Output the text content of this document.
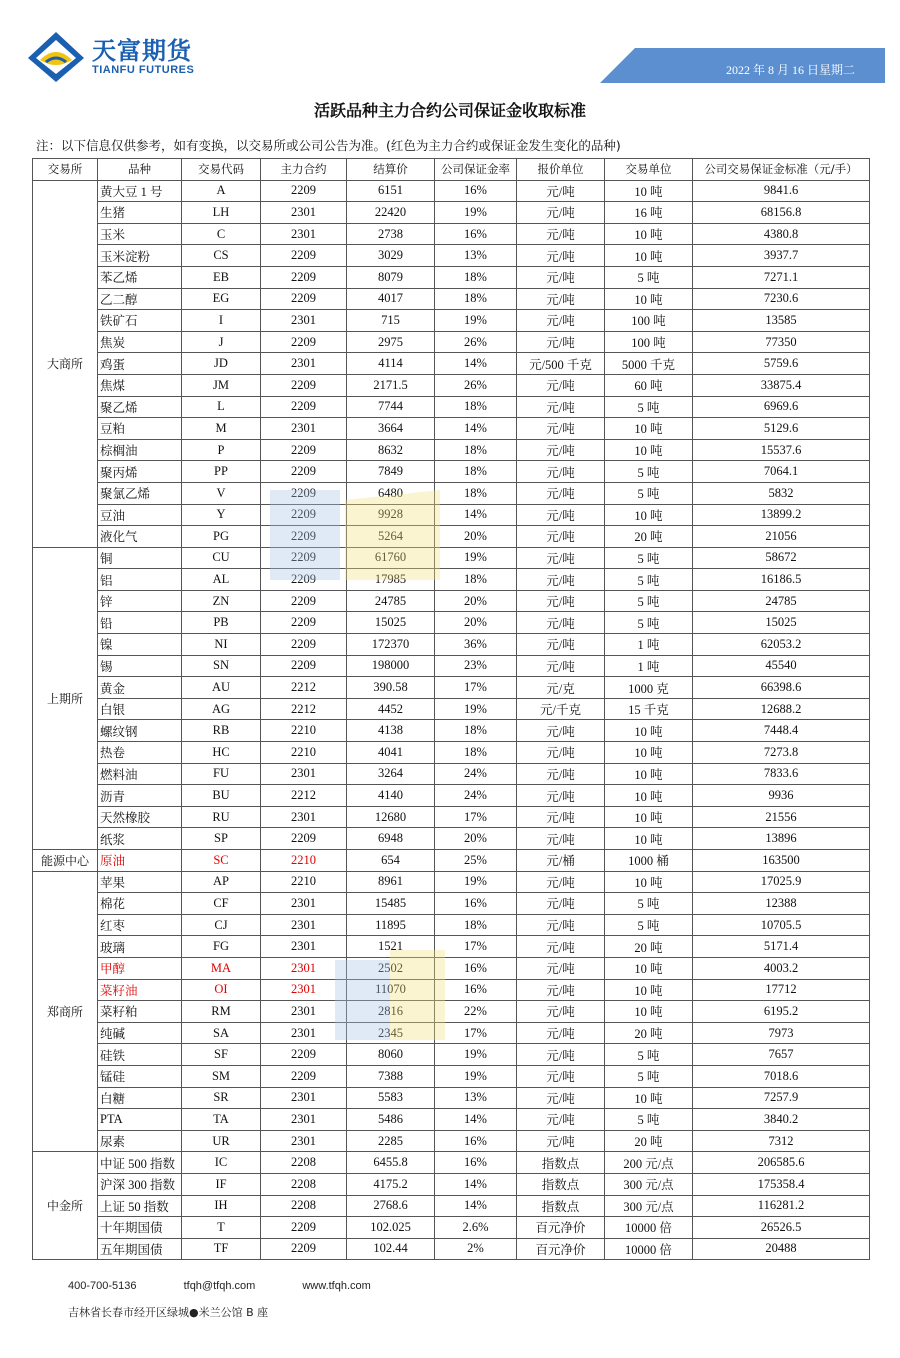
天富期货
TIANFU FUTURES	2022 年 8 月 16 日星期二
活跃品种主力合约公司保证金收取标准
注：以下信息仅供参考，如有变换，以交易所或公司公告为准。(红色为主力合约或保证金发生变化的品种)
交易所	品种	交易代码	主力合约	结算价	公司保证金率	报价单位	交易单位	公司交易保证金标准（元/手）
大商所	黄大豆 1 号	A	2209	6151	16%	元/吨	10 吨	9841.6
	生猪	LH	2301	22420	19%	元/吨	16 吨	68156.8
	玉米	C	2301	2738	16%	元/吨	10 吨	4380.8
	玉米淀粉	CS	2209	3029	13%	元/吨	10 吨	3937.7
	苯乙烯	EB	2209	8079	18%	元/吨	5 吨	7271.1
	乙二醇	EG	2209	4017	18%	元/吨	10 吨	7230.6
	铁矿石	I	2301	715	19%	元/吨	100 吨	13585
	焦炭	J	2209	2975	26%	元/吨	100 吨	77350
	鸡蛋	JD	2301	4114	14%	元/500 千克	5000 千克	5759.6
	焦煤	JM	2209	2171.5	26%	元/吨	60 吨	33875.4
	聚乙烯	L	2209	7744	18%	元/吨	5 吨	6969.6
	豆粕	M	2301	3664	14%	元/吨	10 吨	5129.6
	棕榈油	P	2209	8632	18%	元/吨	10 吨	15537.6
	聚丙烯	PP	2209	7849	18%	元/吨	5 吨	7064.1
	聚氯乙烯	V	2209	6480	18%	元/吨	5 吨	5832
	豆油	Y	2209	9928	14%	元/吨	10 吨	13899.2
	液化气	PG	2209	5264	20%	元/吨	20 吨	21056
上期所	铜	CU	2209	61760	19%	元/吨	5 吨	58672
	铝	AL	2209	17985	18%	元/吨	5 吨	16186.5
	锌	ZN	2209	24785	20%	元/吨	5 吨	24785
	铅	PB	2209	15025	20%	元/吨	5 吨	15025
	镍	NI	2209	172370	36%	元/吨	1 吨	62053.2
	锡	SN	2209	198000	23%	元/吨	1 吨	45540
	黄金	AU	2212	390.58	17%	元/克	1000 克	66398.6
	白银	AG	2212	4452	19%	元/千克	15 千克	12688.2
	螺纹钢	RB	2210	4138	18%	元/吨	10 吨	7448.4
	热卷	HC	2210	4041	18%	元/吨	10 吨	7273.8
	燃料油	FU	2301	3264	24%	元/吨	10 吨	7833.6
	沥青	BU	2212	4140	24%	元/吨	10 吨	9936
	天然橡胶	RU	2301	12680	17%	元/吨	10 吨	21556
	纸浆	SP	2209	6948	20%	元/吨	10 吨	13896
能源中心	原油	SC	2210	654	25%	元/桶	1000 桶	163500
郑商所	苹果	AP	2210	8961	19%	元/吨	10 吨	17025.9
	棉花	CF	2301	15485	16%	元/吨	5 吨	12388
	红枣	CJ	2301	11895	18%	元/吨	5 吨	10705.5
	玻璃	FG	2301	1521	17%	元/吨	20 吨	5171.4
	甲醇	MA	2301	2502	16%	元/吨	10 吨	4003.2
	菜籽油	OI	2301	11070	16%	元/吨	10 吨	17712
	菜籽粕	RM	2301	2816	22%	元/吨	10 吨	6195.2
	纯碱	SA	2301	2345	17%	元/吨	20 吨	7973
	硅铁	SF	2209	8060	19%	元/吨	5 吨	7657
	锰硅	SM	2209	7388	19%	元/吨	5 吨	7018.6
	白糖	SR	2301	5583	13%	元/吨	10 吨	7257.9
	PTA	TA	2301	5486	14%	元/吨	5 吨	3840.2
	尿素	UR	2301	2285	16%	元/吨	20 吨	7312
中金所	中证 500 指数	IC	2208	6455.8	16%	指数点	200 元/点	206585.6
	沪深 300 指数	IF	2208	4175.2	14%	指数点	300 元/点	175358.4
	上证 50 指数	IH	2208	2768.6	14%	指数点	300 元/点	116281.2
	十年期国债	T	2209	102.025	2.6%	百元净价	10000 倍	26526.5
	五年期国债	TF	2209	102.44	2%	百元净价	10000 倍	20488
400-700-5136	tfqh@tfqh.com	www.tfqh.com
吉林省长春市经开区绿城●米兰公馆 B 座
